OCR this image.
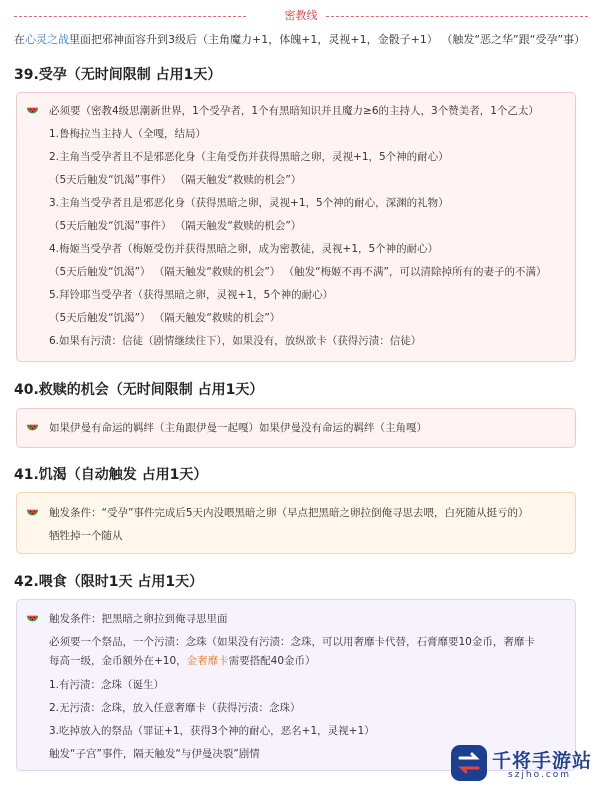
密教线
在心灵之战里面把邪神面容升到3级后（主角魔力+1，体魄+1，灵视+1，金骰子+1） （触发“恶之华”跟“受孕”事）
39.受孕（无时间限制 占用1天）
必须要（密教4级思潮新世界，1个受孕者，1个有黑暗知识并且魔力≥6的主持人，3个赞美者，1个乙太）
1.鲁梅拉当主持人（全嘎，结局）
2.主角当受孕者且不是邪恶化身（主角受伤并获得黑暗之卵，灵视+1，5个神的耐心）
（5天后触发“饥渴”事件） （隔天触发“救赎的机会”）
3.主角当受孕者且是邪恶化身（获得黑暗之卵，灵视+1，5个神的耐心，深渊的礼物）
（5天后触发“饥渴”事件） （隔天触发“救赎的机会”）
4.梅姬当受孕者（梅姬受伤并获得黑暗之卵，成为密教徒，灵视+1，5个神的耐心）
（5天后触发“饥渴”） （隔天触发“救赎的机会”） （触发“梅姬不再不满”，可以清除掉所有的妻子的不满）
5.拜铃耶当受孕者（获得黑暗之卵，灵视+1，5个神的耐心）
（5天后触发“饥渴”） （隔天触发“救赎的机会”）
6.如果有污渍：信徒（剧情继续往下），如果没有，放纵欲卡（获得污渍：信徒）
40.救赎的机会（无时间限制 占用1天）
如果伊曼有命运的羁绊（主角跟伊曼一起嘎）如果伊曼没有命运的羁绊（主角嘎）
41.饥渴（自动触发 占用1天）
触发条件：“受孕”事件完成后5天内没喂黑暗之卵（早点把黑暗之卵拉倒俺寻思去喂，白死随从挺亏的）
牺牲掉一个随从
42.喂食（限时1天 占用1天）
触发条件：把黑暗之卵拉到俺寻思里面
必须要一个祭品，一个污渍：念珠（如果没有污渍：念珠，可以用奢靡卡代替，石膏靡要10金币，奢靡卡
每高一级，金币额外在+10，金奢靡卡需要搭配40金币）
1.有污渍：念珠（诞生）
2.无污渍：念珠，放入任意奢靡卡（获得污渍：念珠）
3.吃掉放入的祭品（罪证+1，获得3个神的耐心，恶名+1，灵视+1）
触发“子宫”事件，隔天触发“与伊曼决裂”剧情	千将手游站
szjho.com
